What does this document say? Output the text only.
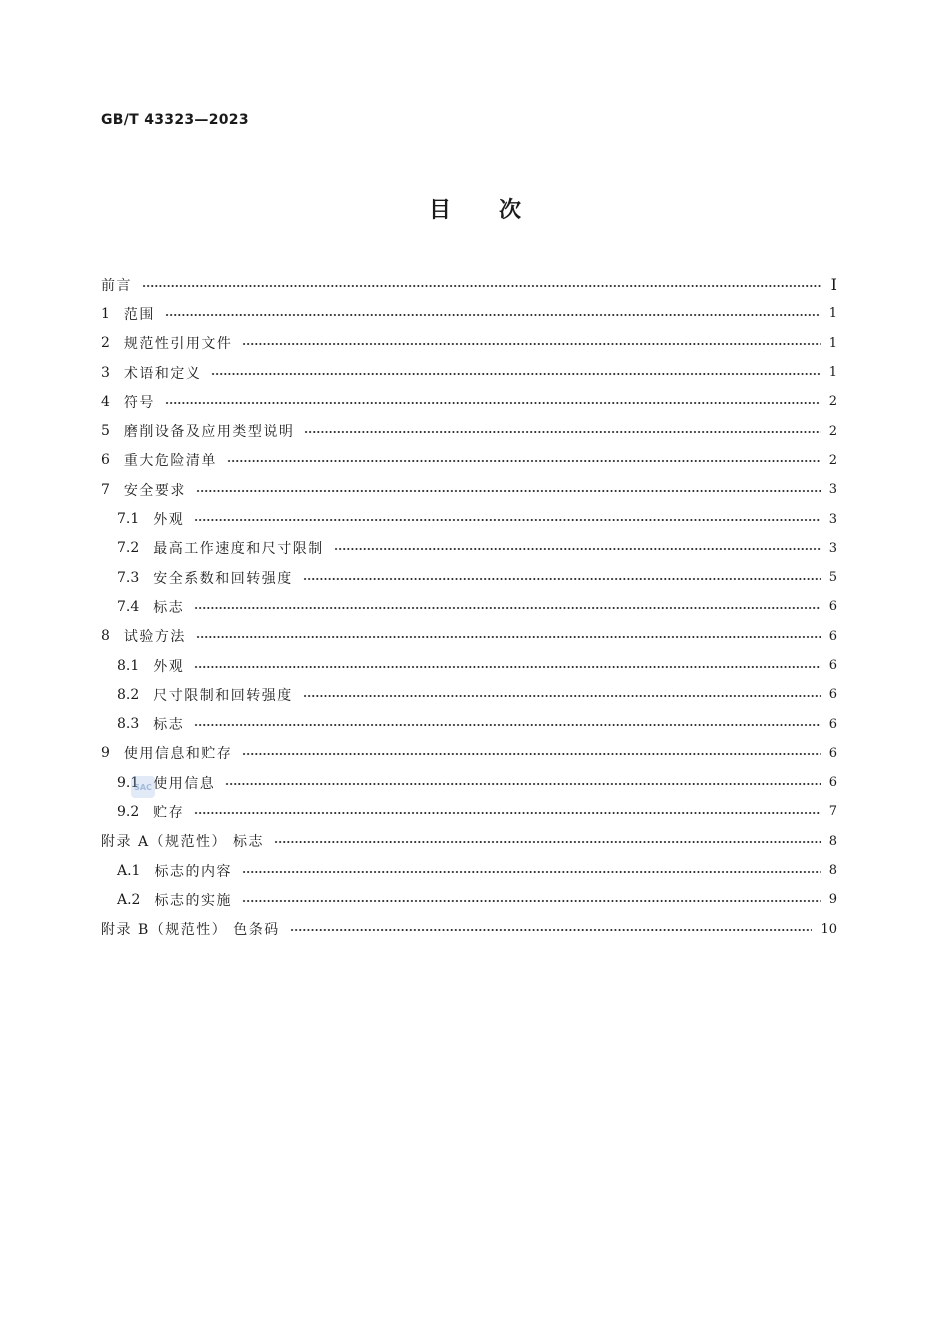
GB/T 43323—2023
目次
前言	I
1 范围	1
2 规范性引用文件	1
3 术语和定义	1
4 符号	2
5 磨削设备及应用类型说明	2
6 重大危险清单	2
7 安全要求	3
7.1 外观	3
7.2 最高工作速度和尺寸限制	3
7.3 安全系数和回转强度	5
7.4 标志	6
8 试验方法	6
8.1 外观	6
8.2 尺寸限制和回转强度	6
8.3 标志	6
9 使用信息和贮存	6
9.1 使用信息	6
9.2 贮存	7
附录 A（规范性） 标志	8
A.1 标志的内容	8
A.2 标志的实施	9
附录 B（规范性） 色条码	10
SAC
